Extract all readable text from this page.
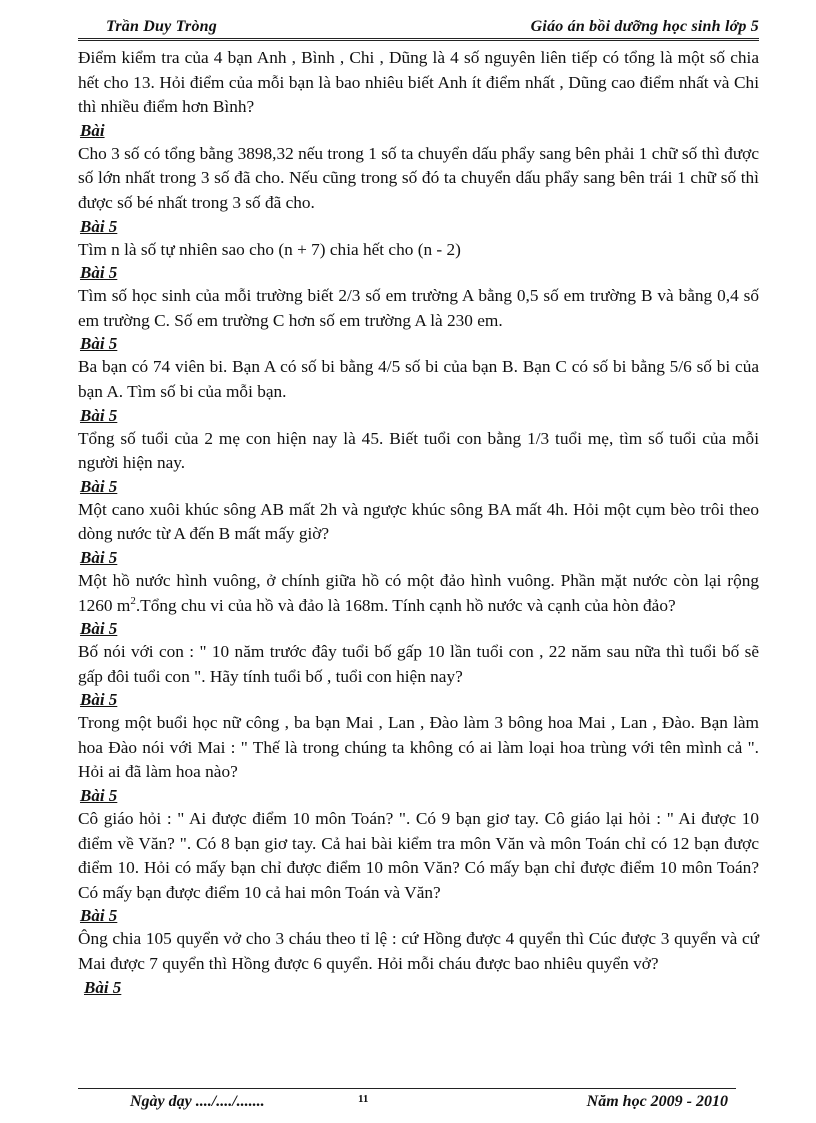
Trần Duy Tròng	Giáo án bồi dưỡng học sinh lớp 5

Điểm kiểm tra của 4 bạn Anh , Bình , Chi , Dũng là 4 số nguyên liên tiếp có tổng là một số chia hết cho 13. Hỏi điểm của mỗi bạn là bao nhiêu biết Anh ít điểm nhất , Dũng cao điểm nhất và Chi thì nhiều điểm hơn Bình?

Bài

Cho 3 số có tổng bằng 3898,32 nếu trong 1 số ta chuyển dấu phẩy sang bên phải 1 chữ số thì được số lớn nhất trong 3 số đã cho. Nếu cũng trong số đó ta chuyển dấu phẩy sang bên trái 1 chữ số thì được số bé nhất trong 3 số đã cho.

Bài 5

Tìm n là số tự nhiên sao cho (n + 7) chia hết cho (n - 2)

Bài 5

Tìm số học sinh của mỗi trường biết 2/3 số em trường A bằng 0,5 số em trường B và bằng 0,4 số em trường C. Số em trường C hơn số em trường A là 230 em.

Bài 5

Ba bạn có 74 viên bi. Bạn A có số bi bằng 4/5 số bi của bạn B. Bạn C có số bi bằng 5/6 số bi của bạn A. Tìm số bi của mỗi bạn.

Bài 5

Tổng số tuổi của 2 mẹ con hiện nay là 45. Biết tuổi con bằng 1/3 tuổi mẹ, tìm số tuổi của mỗi người hiện nay.

Bài 5

Một cano xuôi khúc sông AB mất 2h và ngược khúc sông BA mất 4h. Hỏi một cụm bèo trôi theo dòng nước từ A đến B mất mấy giờ?

Bài 5

Một hồ nước hình vuông, ở chính giữa hồ có một đảo hình vuông. Phần mặt nước còn lại rộng 1260 $m^2.Tổng$ chu vi của hồ và đảo là 168m. Tính cạnh hồ nước và cạnh của hòn đảo?

Bài 5

Bố nói với con : " 10 năm trước đây tuổi bố gấp 10 lần tuổi con , 22 năm sau nữa thì tuổi bố sẽ gấp đôi tuổi con ". Hãy tính tuổi bố , tuổi con hiện nay?

Bài 5

Trong một buổi học nữ công , ba bạn Mai , Lan , Đào làm 3 bông hoa Mai , Lan , Đào. Bạn làm hoa Đào nói với Mai : " Thế là trong chúng ta không có ai làm loại hoa trùng với tên mình cả ". Hỏi ai đã làm hoa nào?

Bài 5

Cô giáo hỏi : " Ai được điểm 10 môn Toán? ". Có 9 bạn giơ tay. Cô giáo lại hỏi : " Ai được 10 điểm về Văn? ". Có 8 bạn giơ tay. Cả hai bài kiểm tra môn Văn và môn Toán chỉ có 12 bạn được điểm 10. Hỏi có mấy bạn chỉ được điểm 10 môn Văn? Có mấy bạn chỉ được điểm 10 môn Toán? Có mấy bạn được điểm 10 cả hai môn Toán và Văn?

Bài 5

Ông chia 105 quyển vở cho 3 cháu theo tỉ lệ : cứ Hồng được 4 quyển thì Cúc được 3 quyển và cứ Mai được 7 quyển thì Hồng được 6 quyển. Hỏi mỗi cháu được bao nhiêu quyển vở?

Bài 5
Ngày dạy ..../..../.......	11	Năm học 2009 - 2010
